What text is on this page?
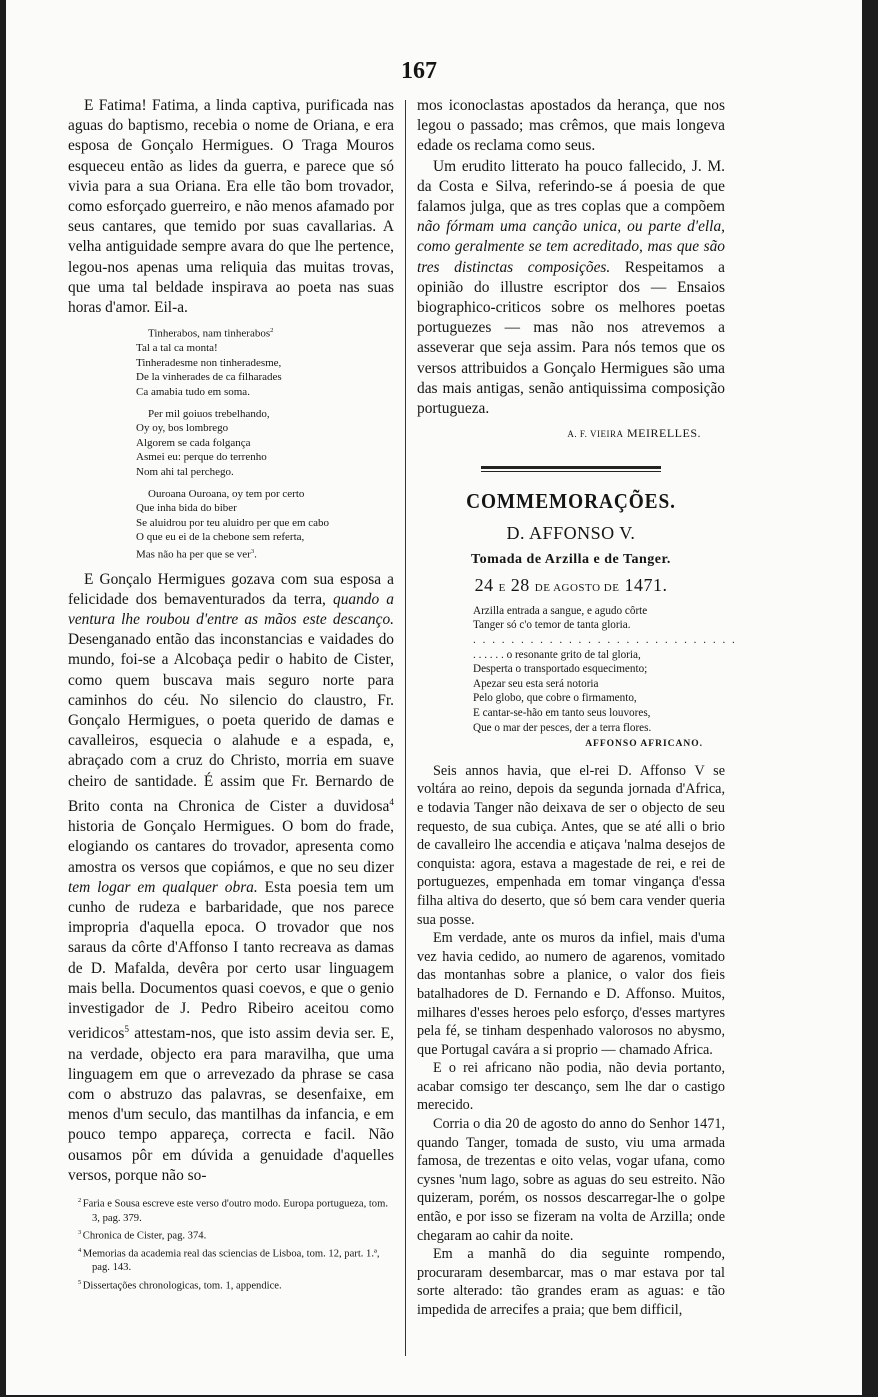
167

E Fatima! Fatima, a linda captiva, purificada nas aguas do baptismo, recebia o nome de Oriana, e era esposa de Gonçalo Hermigues. O Traga Mouros esqueceu então as lides da guerra, e parece que só vivia para a sua Oriana. Era elle tão bom trovador, como esforçado guerreiro, e não menos afamado por seus cantares, que temido por suas cavallarias. A velha antiguidade sempre avara do que lhe pertence, legou-nos apenas uma reliquia das muitas trovas, que uma tal beldade inspirava ao poeta nas suas horas d'amor. Eil-a.

Tinherabos, nam tinherabos$^2$
Tal a tal ca monta!
Tinheradesme non tinheradesme,
De la vinherades de ca filharades
Ca amabia tudo em soma.
Per mil goiuos trebelhando,
Oy oy, bos lombrego
Algorem se cada folgança
Asmei eu: perque do terrenho
Nom ahi tal perchego.
Ouroana Ouroana, oy tem por certo
Que inha bida do biber
Se aluidrou por teu aluidro per que em cabo
O que eu ei de la chebone sem referta,
Mas não ha per que se ver$^3$.

E Gonçalo Hermigues gozava com sua esposa a felicidade dos bemaventurados da terra, quando a ventura lhe roubou d'entre as mãos este descanço. Desenganado então das inconstancias e vaidades do mundo, foi-se a Alcobaça pedir o habito de Cister, como quem buscava mais seguro norte para caminhos do céu. No silencio do claustro, Fr. Gonçalo Hermigues, o poeta querido de damas e cavalleiros, esquecia o alahude e a espada, e, abraçado com a cruz do Christo, morria em suave cheiro de santidade. É assim que Fr. Bernardo de Brito conta na Chronica de Cister a duvidosa$^4$ historia de Gonçalo Hermigues. O bom do frade, elogiando os cantares do trovador, apresenta como amostra os versos que copiámos, e que no seu dizer tem logar em qualquer obra. Esta poesia tem um cunho de rudeza e barbaridade, que nos parece impropria d'aquella epoca. O trovador que nos saraus da côrte d'Affonso I tanto recreava as damas de D. Mafalda, devêra por certo usar linguagem mais bella. Documentos quasi coevos, e que o genio investigador de J. Pedro Ribeiro aceitou como veridicos$^5$ attestam-nos, que isto assim devia ser. E, na verdade, objecto era para maravilha, que uma linguagem em que o arrevezado da phrase se casa com o abstruzo das palavras, se desenfaixe, em menos d'um seculo, das mantilhas da infancia, e em pouco tempo appareça, correcta e facil. Não ousamos pôr em dúvida a genuidade d'aquelles versos, porque não so-

$^2$ Faria e Sousa escreve este verso d'outro modo. Europa portugueza, tom. 3, pag. 379.
$^3$ Chronica de Cister, pag. 374.
$^4$ Memorias da academia real das sciencias de Lisboa, tom. 12, part. 1.ª, pag. 143.
$^5$ Dissertações chronologicas, tom. 1, appendice.

mos iconoclastas apostados da herança, que nos legou o passado; mas crêmos, que mais longeva edade os reclama como seus.

Um erudito litterato ha pouco fallecido, J. M. da Costa e Silva, referindo-se á poesia de que falamos julga, que as tres coplas que a compõem não fórmam uma canção unica, ou parte d'ella, como geralmente se tem acreditado, mas que são tres distinctas composições. Respeitamos a opinião do illustre escriptor dos — Ensaios biographico-criticos sobre os melhores poetas portuguezes — mas não nos atrevemos a asseverar que seja assim. Para nós temos que os versos attribuidos a Gonçalo Hermigues são uma das mais antigas, senão antiquissima composição portugueza.

A. F. VIEIRA MEIRELLES.
COMMEMORAÇÕES.
D. AFFONSO V.
Tomada de Arzilla e de Tanger.
24 E 28 DE AGOSTO DE 1471.
Arzilla entrada a sangue, e agudo côrte
Tanger só c'o temor de tanta gloria.
. . . . . . . . . . . . . . . . . . . . . . . . . . . .
. . . . . . o resonante grito de tal gloria,
Desperta o transportado esquecimento;
Apezar seu esta será notoria
Pelo globo, que cobre o firmamento,
E cantar-se-hão em tanto seus louvores,
Que o mar der pesces, der a terra flores.
AFFONSO AFRICANO.

Seis annos havia, que el-rei D. Affonso V se voltára ao reino, depois da segunda jornada d'Africa, e todavia Tanger não deixava de ser o objecto de seu requesto, de sua cubiça. Antes, que se até alli o brio de cavalleiro lhe accendia e atiçava 'nalma desejos de conquista: agora, estava a magestade de rei, e rei de portuguezes, empenhada em tomar vingança d'essa filha altiva do deserto, que só bem cara vender queria sua posse.

Em verdade, ante os muros da infiel, mais d'uma vez havia cedido, ao numero de agarenos, vomitado das montanhas sobre a planice, o valor dos fieis batalhadores de D. Fernando e D. Affonso. Muitos, milhares d'esses heroes pelo esforço, d'esses martyres pela fé, se tinham despenhado valorosos no abysmo, que Portugal cavára a si proprio — chamado Africa.

E o rei africano não podia, não devia portanto, acabar comsigo ter descanço, sem lhe dar o castigo merecido.

Corria o dia 20 de agosto do anno do Senhor 1471, quando Tanger, tomada de susto, viu uma armada famosa, de trezentas e oito velas, vogar ufana, como cysnes 'num lago, sobre as aguas do seu estreito. Não quizeram, porém, os nossos descarregar-lhe o golpe então, e por isso se fizeram na volta de Arzilla; onde chegaram ao cahir da noite.

Em a manhã do dia seguinte rompendo, procuraram desembarcar, mas o mar estava por tal sorte alterado: tão grandes eram as aguas: e tão impedida de arrecifes a praia; que bem difficil,
